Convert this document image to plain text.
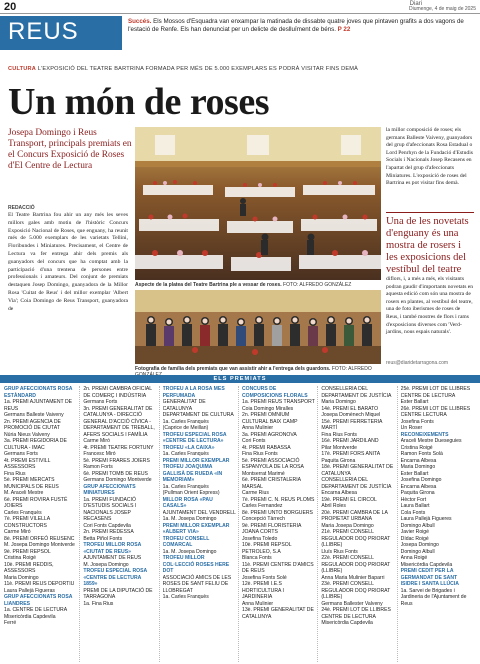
20	Diari
Diumenge, 4 de maig de 2025
REUS	Succés. Els Mossos d'Esquadra van enxampar la matinada de dissabte quatre joves que pintaven grafits a dos vagons de l'estació de Renfe. Els han denunciat per un delicte de deslluïment de béns. P 22
CULTURA L'EXPOSICIÓ DEL TEATRE BARTRINA FORMADA PER MÉS DE 5.000 EXEMPLARS ES PODRÀ VISITAR FINS DEMÀ
Un món de roses
Josepa Domingo i Reus Transport, principals premiats en el Concurs Exposició de Roses d'El Centre de Lectura
REDACCIÓ
El Teatre Bartrina fou ahir un any més les seves millors gales amb motiu de l'històric Concurs Exposició Nacional de Roses, que enguany, ha reunit més de 5.000 exemplars de les varietats Tellini, Floribundes i Miniatures. Precisament, el Centre de Lectura va fer entrega ahir dels premis als guanyadors del concurs que ha comptat amb la participació d'una trentena de persones entre professionals i amateurs. Del conjunt de premiats destaquen Josep Domingo, guanyadora de la Millor Rosa 'Cuitat de Reus' i del millor exemplar 'Albert Via'; Coia Domingo de Reus Transport, guanyadora de
Aspecte de la platea del Teatre Bartrina ple a vessar de roses. FOTO: ALFREDO GONZÁLEZ
Fotografia de família dels premiats que van assistir ahir a l'entrega dels guardons. FOTO: ALFREDO
la millor composició de roses; els germans Balleste Vaiveny, guanyadors del grup d'afeccionats Rosa Estadual o Lord Penrhyn de la Fundació d'Estudis Socials i Nacionals Josep Recasens en l'apartat del grup d'afeccionats Miniatures. L'exposició de roses del Bartrina es pot visitar fins demà.
Una de les novetats d'enguany és una mostra de rosers i les exposicions del vestíbul del teatre
diflors, i, a més a més, els visitants podran gaudir d'importants novetats en aquesta edició com són una mostra de rosers en plantes, al vestíbul del teatre, una de foto iberismes de roses de Reus, i també mostres de flors i rams d'exposicions diverses com 'Verd-jardins, nous espais naturals'.
reus@diaridetarragona.com
ELS PREMIATS

GRUP AFECCIONATS ROSA ESTÀNDARD

1a. PREMI AJUNTAMENT DE REUS

Germans Balleste Vaiveny

2n. PREMI AGENCIA DE PROMOCIÓ DE CIUTAT

Núria Nieus Valveny

3a. PREMI REGIDORIA DE CULTURA - IMAC

Germans Forts

4t. PREMI ESTIVILL ASSESSORS

Fina Rius

5è. PREMI MERCATS MUNICIPALS DE REUS

M. Araceli Mestre

6è. PREMI ROVIRA FUSTÉ JOIERS

Carles Franquès

7è. PREMI VILELLA CONSTRUCTORS

Carme Miró

8è. PREMI ORFEÓ REUSENC

M. Josepa Domingo Montverde

9è. PREMI REPSOL

Cristina Roigé

10è. PREMI REDDIS, ASSESSORS

Maria Domingo

11è. PREMI REUS DEPORTIU

Laura Pallejà Figueras

GRUP AFECCIONATS ROSA LIANDRES

1a. CENTRE DE LECTURA

Misericòrdia Capdevila

Ferré

2n. PREMI CAMBRA OFICIAL DE COMERÇ I INDÚSTRIA

Germans Forts

3n. PREMI GENERALITAT DE CATALUNYA - DIRECCIÓ GENERAL D'ACCIÓ CÍVICA - DEPARTAMENT DE TREBALL, AFERS SOCIALS I FAMÍLIA

Carme Miró

4t. PREMI TEATRE FORTUNY

Francesc Miró

5è. PREMI FRARES JOIERS

Ramon Forts

6è. PREMI TOMB DE REUS

Germans Domingo Montverde

GRUP AFECCIONATS MINIATURES

1a. PREMI FUNDACIÓ D'ESTUDIS SOCIALS I NACIONALS JOSEP RECASENS

Cori Fonts Capdevila

2n. PREMI REDESSA

Betta Piñol Fonts

TROFEU MILLOR ROSA «CIUTAT DE REUS»

AJUNTAMENT DE REUS

M. Josepa Domingo

TROFEU ESPECIAL ROSA «CENTRE DE LECTURA 1859»

PREMI DE LA DIPUTACIÓ DE TARRAGONA

1a. Fina Rius

TROFEU A LA ROSA MÉS PERFUMADA

GENERALITAT DE CATALUNYA

DEPARTAMENT DE CULTURA

1a. Carles Franquès

(Caprice de Meillan)

TROFEU ESPECIAL ROSA «CENTRE DE LECTURA»

TROFEU «LA CAIXA»

1a. Carles Franquès

PREMI MILLOR EXEMPLAR

TROFEU JOAQUIMA GALLISÀ DE RUEDA «IN MEMORIAM»

1a. Carles Franquès

(Pullman Orient Express)

MILLOR ROSA «PAU CASALS»

AJUNTAMENT DEL VENDRELL

1a. M. Josepa Domingo

PREMI MILLOR EXEMPLAR «ALBERT VIA»

TROFEU CONSELL COMARCAL

1a. M. Josepa Domingo

TROFEU MILLOR COL·LECCIÓ ROSES HERE DOT

ASSOCIACIÓ AMICS DE LES ROSES DE SANT FELIU DE LLOBREGAT

1a. Carles Franquès

CONCURS DE COMPOSICIONS FLORALS

1a. PREMI REUS TRANSPORT

Coia Domingo Miralles

2n. PREMI OMNIUM CULTURAL BAIX CAMP

Anna Mulinier

3a. PREMI AGRONOVA

Cori Fonts

4t. PREMI RABASSA

Fina Rius Fonts

5è. PREMI ASSOCIACIÓ ESPANYOLA DE LA ROSA

Montserrat Marimé

6è. PREMI CRISTALERIA MARSAL

Carme Rius

7è. PREMI C. N. REUS PLOMS

Carles Fernandez

8è. PREMI UNTO BORGUERS

Concepció Tàrrech

9è. PREMI FLORISTERIA JOANA CORTS

Josefina Toledo

10è. PREMI REPSOL PETROLEO, S.A

Blanca Fonts

11è. PREMI CENTRE D'AMICS DE REUS

Josefina Fonts Solé

12è. PREMI I.E.S HORTICULTURA I JARDINERIA

Anna Mulinier

13è. PREMI GENERALITAT DE CATALUNYA

CONSELLERIA DEL DEPARTAMENT DE JUSTÍCIA

Maria Domingo

14è. PREMI EL BARATO

Josepa Domènech Miquel

15è. PREMI FERRETERIA MARTÍ

Fina Rius Fonts

16è. PREMI JARDILAND

Pilar Montverde

17è. PREMI FORS ANITA

Paquita Girona

18è. PREMI GENERALITAT DE CATALUNYA

CONSELLERIA DEL DEPARTAMENT DE JUSTÍCIA

Encarna Albesa

19è. PREMI EL CIRCOL

Abril Roles

20è. PREMI CAMBRA DE LA PROPIETAT URBANA

Maria Josepa Domingo

21è. PREMI CONSELL REGULADOR DOQ PRIORAT (LLIBRE)

Lluís Rius Fonts

22è. PREMI CONSELL REGULADOR DOQ PRIORAT (LLIBRE)

Anna Maria Mulinier Baparri

23è. PREMI CONSELL REGULADOR DOQ PRIORAT (LLIBRE)

Germans Ballester Valveny

24è. PREMI LOT DE LLIBRES CENTRE DE LECTURA

Misericòrdia Capdevila

25è. PREMI LOT DE LLIBRES CENTRE DE LECTURA

Ester Ballart

26è. PREMI LOT DE LLIBRES CENTRE LECTURA

Josefina Fonts

Un Roser

RECONEIXEMENTS

Araceli Mestre Dueseguies

Cristina Roigé

Ramon Fonts Solà

Encarna Albesa

Maria Domingo

Ester Ballart

Josefina Domingo

Encarna Albesa

Paquita Girona

Hèctor Fort

Laura Ballart

Cola Fonts

Laura Pallejà Figueres

Domingo Albull

Javier Roigé

Dídac Roigé

Josepa Domingo

Domingo Albull

Anna Roigé

Misericòrdia Capdevila

PREMI CEDIT PER LA GERMANDAT DE SANT ISIDRE I SANTA LLÚCIA

1a. Sarvei de Brigades i Jardineria de l'Ajuntament de Reus
